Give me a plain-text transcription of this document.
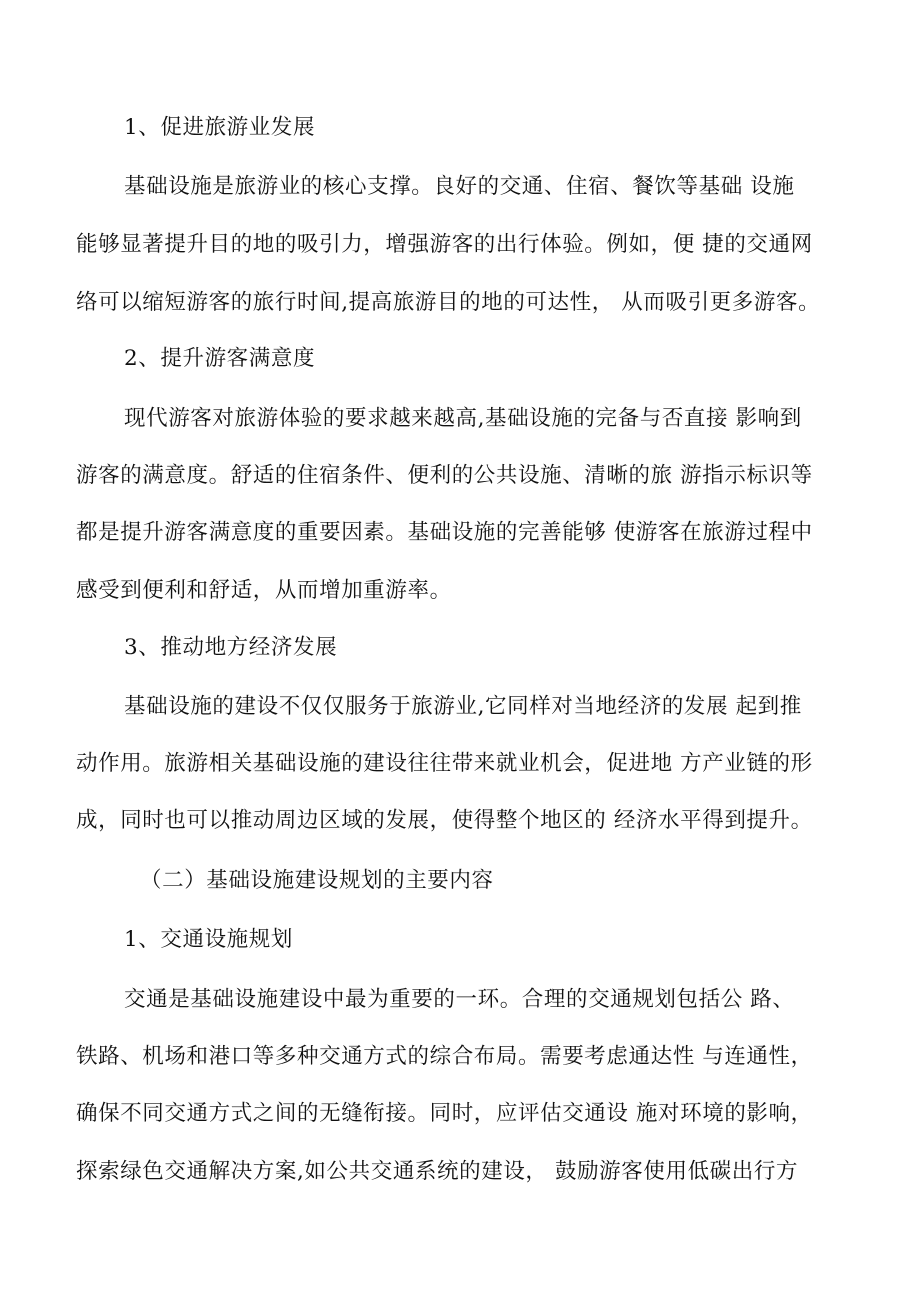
1、促进旅游业发展
基础设施是旅游业的核心支撑。良好的交通、住宿、餐饮等基础 设施
能够显著提升目的地的吸引力，增强游客的出行体验。例如，便 捷的交通网
络可以缩短游客的旅行时间,提高旅游目的地的可达性， 从而吸引更多游客。
2、提升游客满意度
现代游客对旅游体验的要求越来越高,基础设施的完备与否直接 影响到
游客的满意度。舒适的住宿条件、便利的公共设施、清晰的旅 游指示标识等
都是提升游客满意度的重要因素。基础设施的完善能够 使游客在旅游过程中
感受到便利和舒适，从而增加重游率。
3、推动地方经济发展
基础设施的建设不仅仅服务于旅游业,它同样对当地经济的发展 起到推
动作用。旅游相关基础设施的建设往往带来就业机会，促进地 方产业链的形
成，同时也可以推动周边区域的发展，使得整个地区的 经济水平得到提升。
（二）基础设施建设规划的主要内容
1、交通设施规划
交通是基础设施建设中最为重要的一环。合理的交通规划包括公 路、
铁路、机场和港口等多种交通方式的综合布局。需要考虑通达性 与连通性，
确保不同交通方式之间的无缝衔接。同时，应评估交通设 施对环境的影响，
探索绿色交通解决方案,如公共交通系统的建设， 鼓励游客使用低碳出行方
